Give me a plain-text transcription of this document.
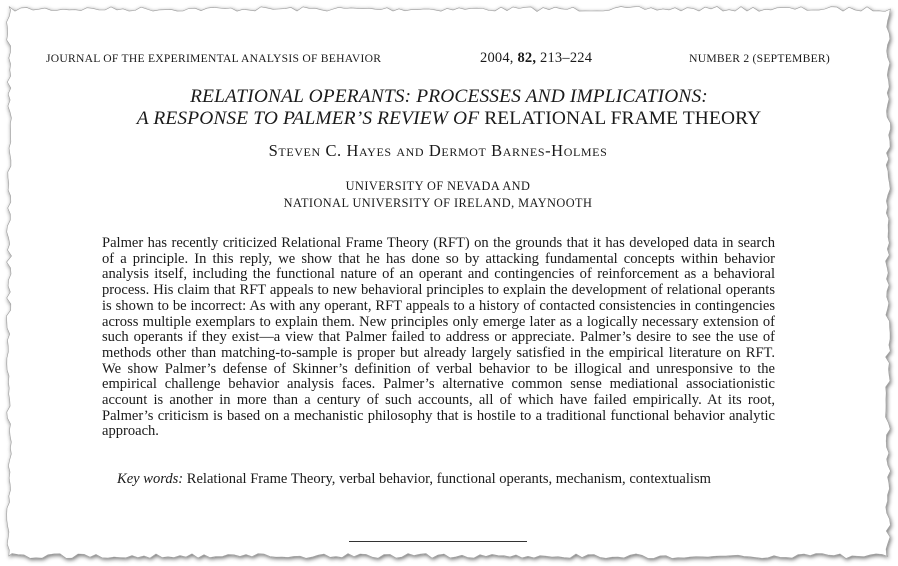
JOURNAL OF THE EXPERIMENTAL ANALYSIS OF BEHAVIOR	2004, 82, 213–224	NUMBER 2 (SEPTEMBER)
RELATIONAL OPERANTS: PROCESSES AND IMPLICATIONS:
A RESPONSE TO PALMER’S REVIEW OF RELATIONAL FRAME THEORY
Steven C. Hayes and Dermot Barnes-Holmes
UNIVERSITY OF NEVADA AND
NATIONAL UNIVERSITY OF IRELAND, MAYNOOTH

Palmer has recently criticized Relational Frame Theory (RFT) on the grounds that it has developed data in search of a principle. In this reply, we show that he has done so by attacking fundamental concepts within behavior analysis itself, including the functional nature of an operant and contingencies of reinforcement as a behavioral process. His claim that RFT appeals to new behavioral principles to explain the development of relational operants is shown to be incorrect: As with any operant, RFT appeals to a history of contacted consistencies in contingencies across multiple exemplars to explain them. New principles only emerge later as a logically necessary extension of such operants if they exist—a view that Palmer failed to address or appreciate. Palmer’s desire to see the use of methods other than matching-to-sample is proper but already largely satisfied in the empirical literature on RFT. We show Palmer’s defense of Skinner’s definition of verbal behavior to be illogical and unresponsive to the empirical challenge behavior analysis faces. Palmer’s alternative common sense mediational associationistic account is another in more than a century of such accounts, all of which have failed empirically. At its root, Palmer’s criticism is based on a mechanistic philosophy that is hostile to a traditional functional behavior analytic approach.

Key words: Relational Frame Theory, verbal behavior, functional operants, mechanism, contextualism
